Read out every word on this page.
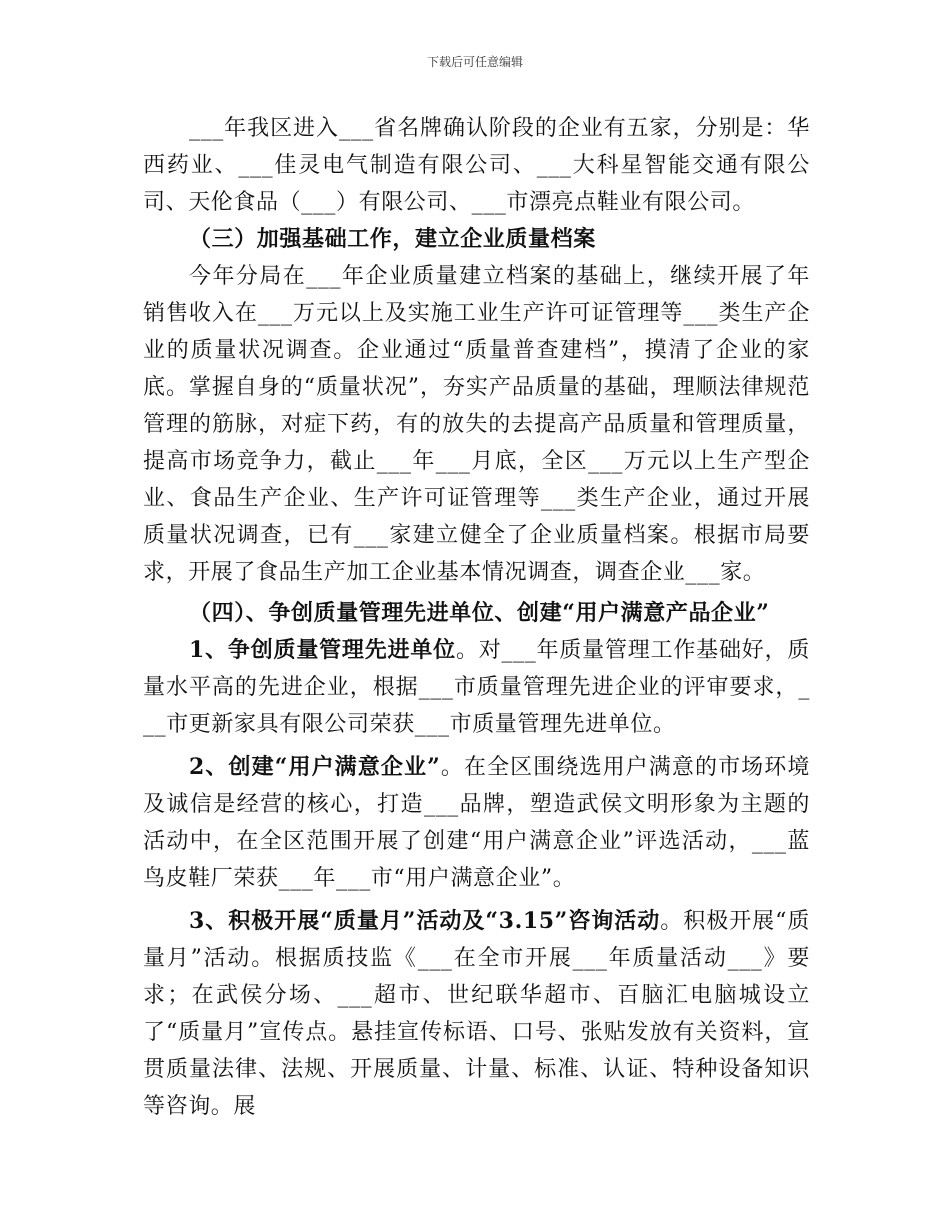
下载后可任意编辑

___年我区进入___省名牌确认阶段的企业有五家，分别是：华西药业、___佳灵电气制造有限公司、___大科星智能交通有限公司、天伦食品（___）有限公司、___市漂亮点鞋业有限公司。

（三）加强基础工作，建立企业质量档案

今年分局在___年企业质量建立档案的基础上，继续开展了年销售收入在___万元以上及实施工业生产许可证管理等___类生产企业的质量状况调查。企业通过“质量普查建档”，摸清了企业的家底。掌握自身的“质量状况”，夯实产品质量的基础，理顺法律规范管理的筋脉，对症下药，有的放失的去提高产品质量和管理质量，提高市场竞争力，截止___年___月底，全区___万元以上生产型企业、食品生产企业、生产许可证管理等___类生产企业，通过开展质量状况调查，已有___家建立健全了企业质量档案。根据市局要求，开展了食品生产加工企业基本情况调查，调查企业___家。

（四）、争创质量管理先进单位、创建“用户满意产品企业”

1、争创质量管理先进单位。对___年质量管理工作基础好，质量水平高的先进企业，根据___市质量管理先进企业的评审要求，___市更新家具有限公司荣获___市质量管理先进单位。

2、创建“用户满意企业”。在全区围绕选用户满意的市场环境及诚信是经营的核心，打造___品牌，塑造武侯文明形象为主题的活动中，在全区范围开展了创建“用户满意企业”评选活动，___蓝鸟皮鞋厂荣获___年___市“用户满意企业”。

3、积极开展“质量月”活动及“3.15”咨询活动。积极开展“质量月”活动。根据质技监《___在全市开展___年质量活动___》要求；在武侯分场、___超市、世纪联华超市、百脑汇电脑城设立了“质量月”宣传点。悬挂宣传标语、口号、张贴发放有关资料，宣贯质量法律、法规、开展质量、计量、标准、认证、特种设备知识等咨询。展
